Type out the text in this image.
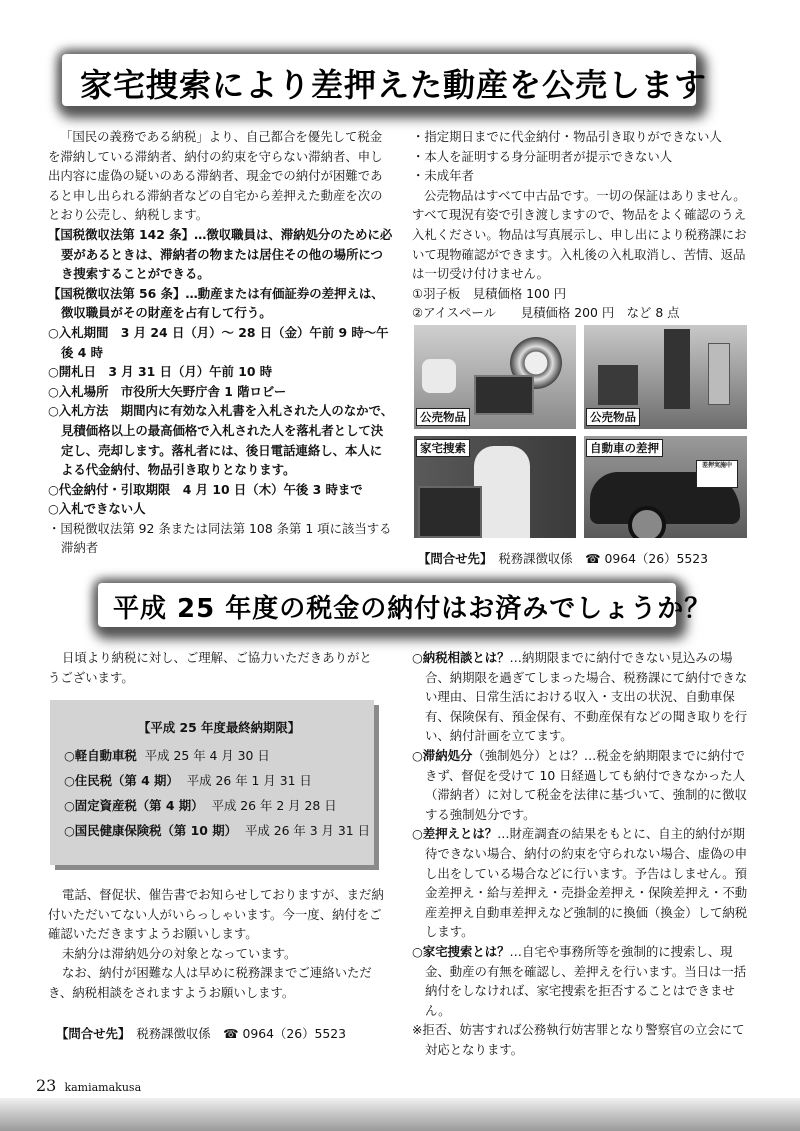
家宅捜索により差押えた動産を公売します

「国民の義務である納税」より、自己都合を優先して税金を滞納している滞納者、納付の約束を守らない滞納者、申し出内容に虚偽の疑いのある滞納者、現金での納付が困難であると申し出られる滞納者などの自宅から差押えた動産を次のとおり公売し、納税します。

【国税徴収法第 142 条】…徴収職員は、滞納処分のために必要があるときは、滞納者の物または居住その他の場所につき捜索することができる。

【国税徴収法第 56 条】…動産または有価証券の差押えは、徴収職員がその財産を占有して行う。

○入札期間　3 月 24 日（月）～ 28 日（金）午前 9 時～午後 4 時

○開札日　3 月 31 日（月）午前 10 時

○入札場所　市役所大矢野庁舎 1 階ロビー

○入札方法　期間内に有効な入札書を入札された人のなかで、見積価格以上の最高価格で入札された人を落札者として決定し、売却します。落札者には、後日電話連絡し、本人による代金納付、物品引き取りとなります。

○代金納付・引取期限　4 月 10 日（木）午後 3 時まで

○入札できない人

・国税徴収法第 92 条または同法第 108 条第 1 項に該当する滞納者

・指定期日までに代金納付・物品引き取りができない人

・本人を証明する身分証明者が提示できない人

・未成年者

公売物品はすべて中古品です。一切の保証はありません。すべて現況有姿で引き渡しますので、物品をよく確認のうえ入札ください。物品は写真展示し、申し出により税務課において現物確認ができます。入札後の入札取消し、苦情、返品は一切受け付けません。

①羽子板　見積価格 100 円

②アイスペール　　見積価格 200 円　など 8 点

公売物品	公売物品
家宅捜索
差押実施中
自動車の差押
【問合せ先】 税務課徴収係　☎ 0964（26）5523
平成 25 年度の税金の納付はお済みでしょうか？
日頃より納税に対し、ご理解、ご協力いただきありがとうございます。
【平成 25 年度最終納期限】
○軽自動車税 平成 25 年 4 月 30 日
○住民税（第 4 期） 平成 26 年 1 月 31 日
○固定資産税（第 4 期） 平成 26 年 2 月 28 日
○国民健康保険税（第 10 期） 平成 26 年 3 月 31 日

電話、督促状、催告書でお知らせしておりますが、まだ納付いただいてない人がいらっしゃいます。今一度、納付をご確認いただきますようお願いします。

未納分は滞納処分の対象となっています。

なお、納付が困難な人は早めに税務課までご連絡いただき、納税相談をされますようお願いします。

【問合せ先】 税務課徴収係　☎ 0964（26）5523

○納税相談とは？…納期限までに納付できない見込みの場合、納期限を過ぎてしまった場合、税務課にて納付できない理由、日常生活における収入・支出の状況、自動車保有、保険保有、預金保有、不動産保有などの聞き取りを行い、納付計画を立てます。

○滞納処分（強制処分）とは？…税金を納期限までに納付できず、督促を受けて 10 日経過しても納付できなかった人（滞納者）に対して税金を法律に基づいて、強制的に徴収する強制処分です。

○差押えとは？…財産調査の結果をもとに、自主的納付が期待できない場合、納付の約束を守られない場合、虚偽の申し出をしている場合などに行います。予告はしません。預金差押え・給与差押え・売掛金差押え・保険差押え・不動産差押え自動車差押えなど強制的に換価（換金）して納税します。

○家宅捜索とは？…自宅や事務所等を強制的に捜索し、現金、動産の有無を確認し、差押えを行います。当日は一括納付をしなければ、家宅捜索を拒否することはできません。

※拒否、妨害すれば公務執行妨害罪となり警察官の立会にて対応となります。

23 kamiamakusa
